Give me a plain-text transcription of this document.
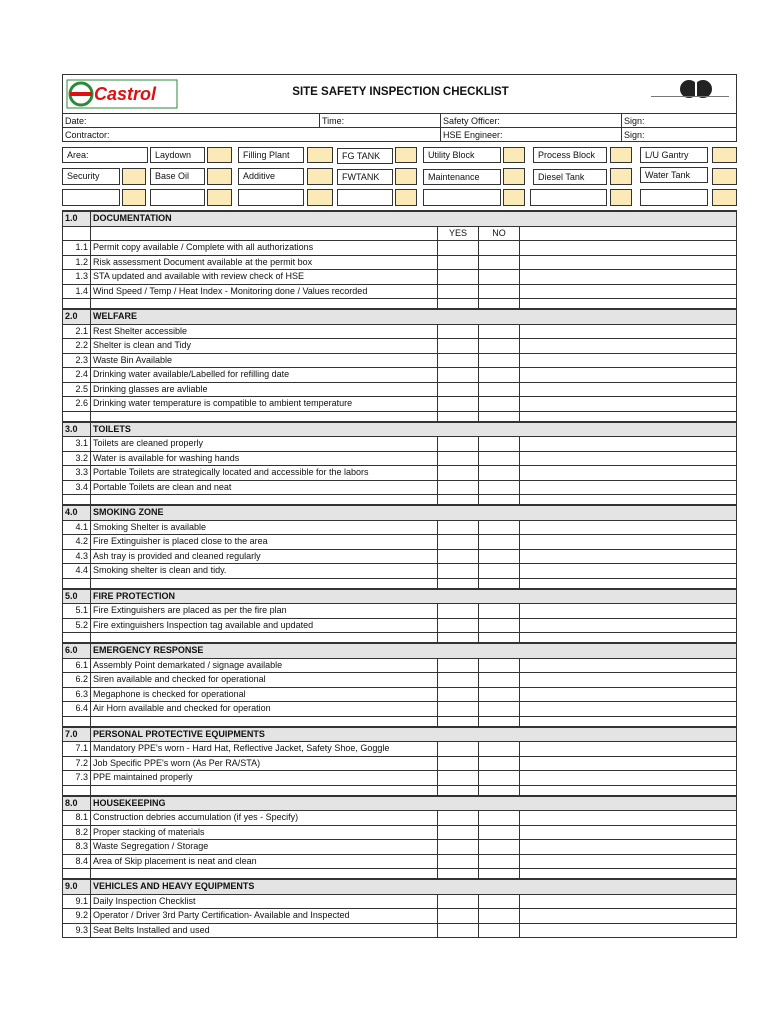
Castrol	SITE SAFETY INSPECTION CHECKLIST
Date:	Time:	Safety Officer:	Sign:
Contractor:		HSE Engineer:	Sign:
Area:	Laydown	Filling Plant	FG TANK	Utility Block	Process Block	L/U Gantry
Security	Base Oil	Additive	FWTANK	Maintenance	Diesel Tank	Water Tank
1.0	DOCUMENTATION			
		YES	NO	
1.1	Permit copy available / Complete with all authorizations			
1.2	Risk assessment Document available at the permit box			
1.3	STA updated and available with review check of HSE			
1.4	Wind Speed / Temp / Heat Index - Monitoring done / Values recorded			

2.0	WELFARE			
2.1	Rest Shelter accessible			
2.2	Shelter is clean and Tidy			
2.3	Waste Bin Available			
2.4	Drinking water available/Labelled for refilling date			
2.5	Drinking glasses are avliable			
2.6	Drinking water temperature is compatible to ambient temperature			

3.0	TOILETS			
3.1	Toilets are cleaned properly			
3.2	Water is available for washing hands			
3.3	Portable Toilets are strategically located and accessible for the labors			
3.4	Portable Toilets are clean and neat			

4.0	SMOKING ZONE			
4.1	Smoking Shelter is available			
4.2	Fire Extinguisher is placed close to the area			
4.3	Ash tray is provided and cleaned regularly			
4.4	Smoking shelter is clean and tidy.			

5.0	FIRE PROTECTION			
5.1	Fire Extinguishers are placed as per the fire plan			
5.2	Fire extinguishers Inspection tag available and updated			

6.0	EMERGENCY RESPONSE			
6.1	Assembly Point demarkated / signage available			
6.2	Siren available and checked for operational			
6.3	Megaphone is checked for operational			
6.4	Air Horn available and checked for operation			

7.0	PERSONAL PROTECTIVE EQUIPMENTS			
7.1	Mandatory PPE's worn - Hard Hat, Reflective Jacket, Safety Shoe, Goggle			
7.2	Job Specific PPE's worn (As Per RA/STA)			
7.3	PPE maintained properly			

8.0	HOUSEKEEPING			
8.1	Construction debries accumulation (if yes - Specify)			
8.2	Proper stacking of materials			
8.3	Waste Segregation / Storage			
8.4	Area of Skip placement is neat and clean			

9.0	VEHICLES AND HEAVY EQUIPMENTS			
9.1	Daily Inspection Checklist			
9.2	Operator / Driver 3rd Party Certification- Available and Inspected			
9.3	Seat Belts Installed and used			
